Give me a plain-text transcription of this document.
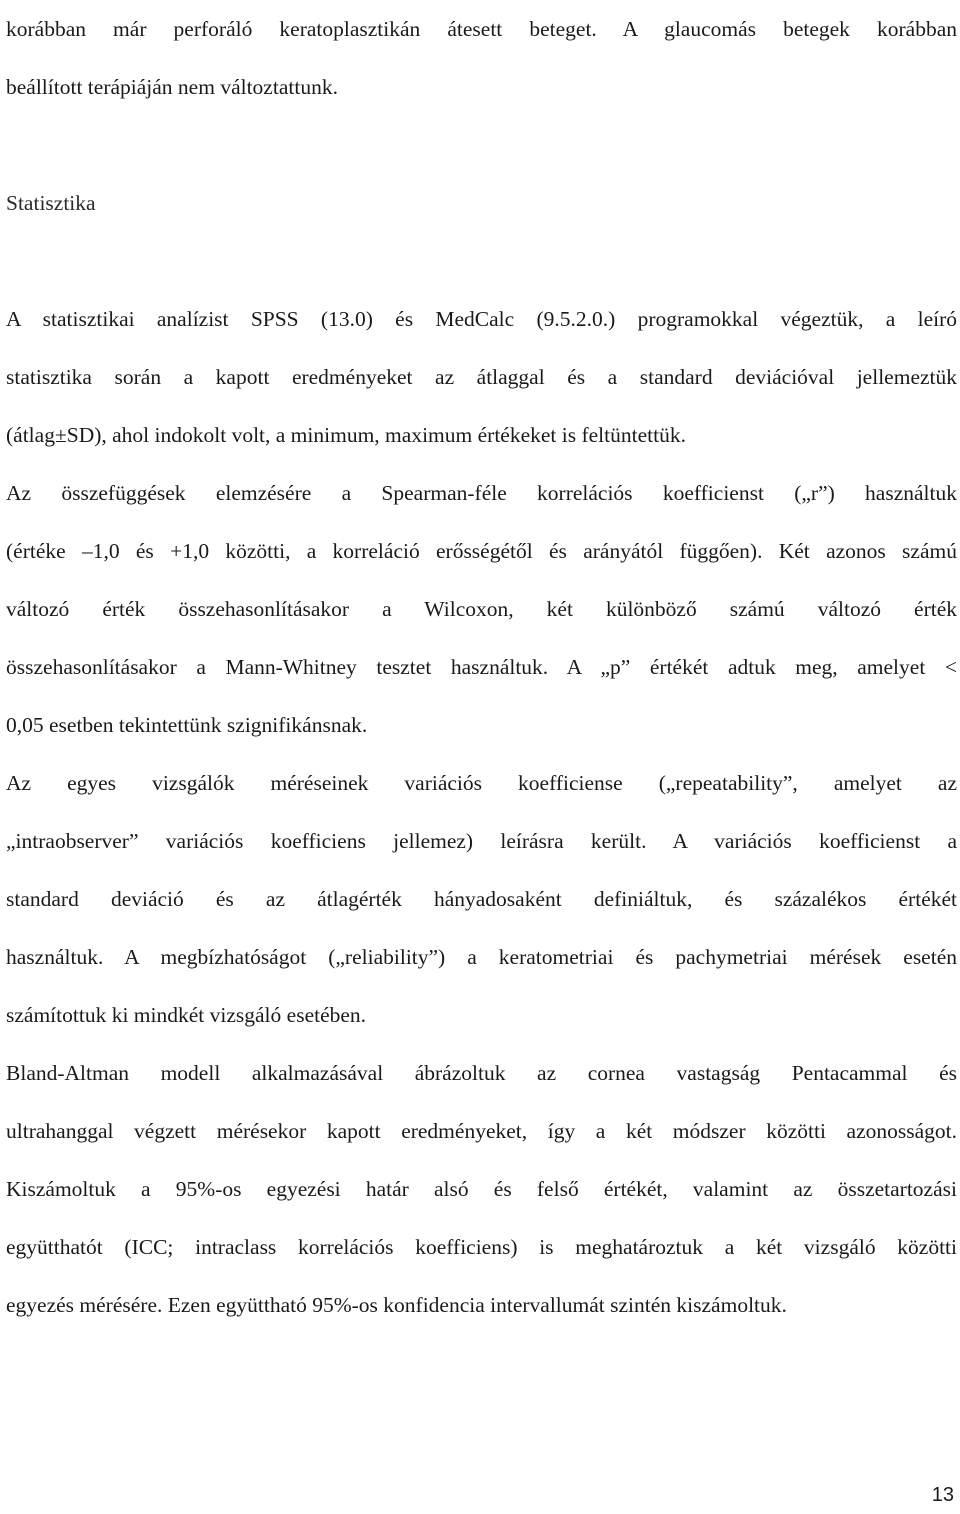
korábban már perforáló keratoplasztikán átesett beteget. A glaucomás betegek korábban
beállított terápiáján nem változtattunk.
Statisztika
A statisztikai analízist SPSS (13.0) és MedCalc (9.5.2.0.) programokkal végeztük, a leíró
statisztika során a kapott eredményeket az átlaggal és a standard deviációval jellemeztük
(átlag±SD), ahol indokolt volt, a minimum, maximum értékeket is feltüntettük.
Az összefüggések elemzésére a Spearman-féle korrelációs koefficienst („r”) használtuk
(értéke –1,0 és +1,0 közötti, a korreláció erősségétől és arányától függően). Két azonos számú
változó érték összehasonlításakor a Wilcoxon, két különböző számú változó érték
összehasonlításakor a Mann-Whitney tesztet használtuk. A „p” értékét adtuk meg, amelyet <
0,05 esetben tekintettünk szignifikánsnak.
Az egyes vizsgálók méréseinek variációs koefficiense („repeatability”, amelyet az
„intraobserver” variációs koefficiens jellemez) leírásra került. A variációs koefficienst a
standard deviáció és az átlagérték hányadosaként definiáltuk, és százalékos értékét
használtuk. A megbízhatóságot („reliability”) a keratometriai és pachymetriai mérések esetén
számítottuk ki mindkét vizsgáló esetében.
Bland-Altman modell alkalmazásával ábrázoltuk az cornea vastagság Pentacammal és
ultrahanggal végzett mérésekor kapott eredményeket, így a két módszer közötti azonosságot.
Kiszámoltuk a 95%-os egyezési határ alsó és felső értékét, valamint az összetartozási
együtthatót (ICC; intraclass korrelációs koefficiens) is meghatároztuk a két vizsgáló közötti
egyezés mérésére. Ezen együttható 95%-os konfidencia intervallumát szintén kiszámoltuk.
13
